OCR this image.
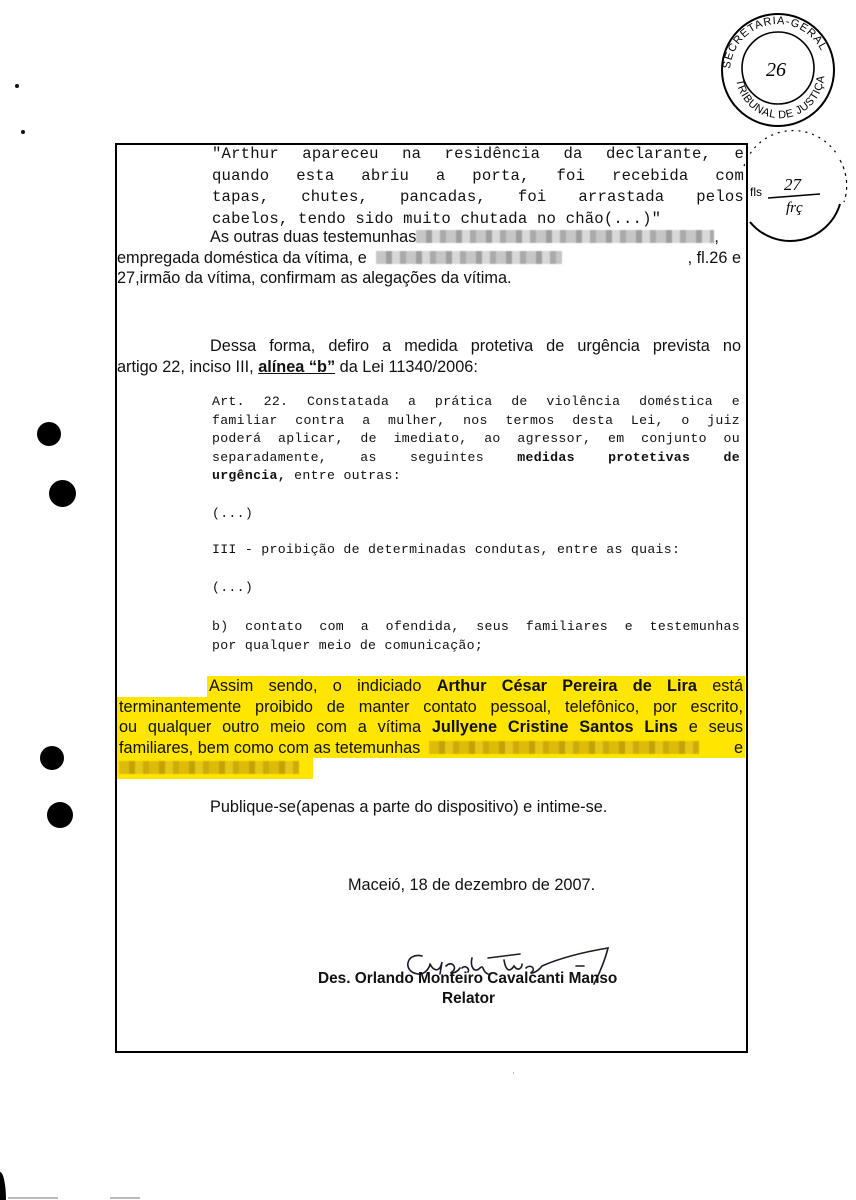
SECRETARIA-GERAL
TRIBUNAL DE JUSTIÇA
26
fls 27
frç
"Arthur apareceu na residência da declarante, e
quando esta abriu a porta, foi recebida com
tapas, chutes, pancadas, foi arrastada pelos
cabelos, tendo sido muito chutada no chão(...)"
As outras duas testemunhas	,
empregada doméstica da vítima, e	, fl.26 e
27,irmão da vítima, confirmam as alegações da vítima.
Dessa forma, defiro a medida protetiva de urgência prevista no
artigo 22, inciso III, alínea “b” da Lei 11340/2006:
Art. 22. Constatada a prática de violência doméstica e
familiar contra a mulher, nos termos desta Lei, o juiz
poderá aplicar, de imediato, ao agressor, em conjunto ou
separadamente,   as   seguintes	medidas   protetivas   de
urgência, entre outras:
(...)
III - proibição de determinadas condutas, entre as quais:
(...)
b) contato com a ofendida, seus familiares e testemunhas
por qualquer meio de comunicação;
Assim sendo, o indiciado Arthur César Pereira de Lira está
terminantemente proibido de manter contato pessoal, telefônico, por escrito,
ou qualquer outro meio com a vítima Jullyene Cristine Santos Lins e seus
familiares, bem como com as tetemunhas	e
Publique-se(apenas a parte do dispositivo) e intime-se.
Maceió, 18 de dezembro de 2007.
Des. Orlando Monteiro Cavalcanti Manso
Relator
